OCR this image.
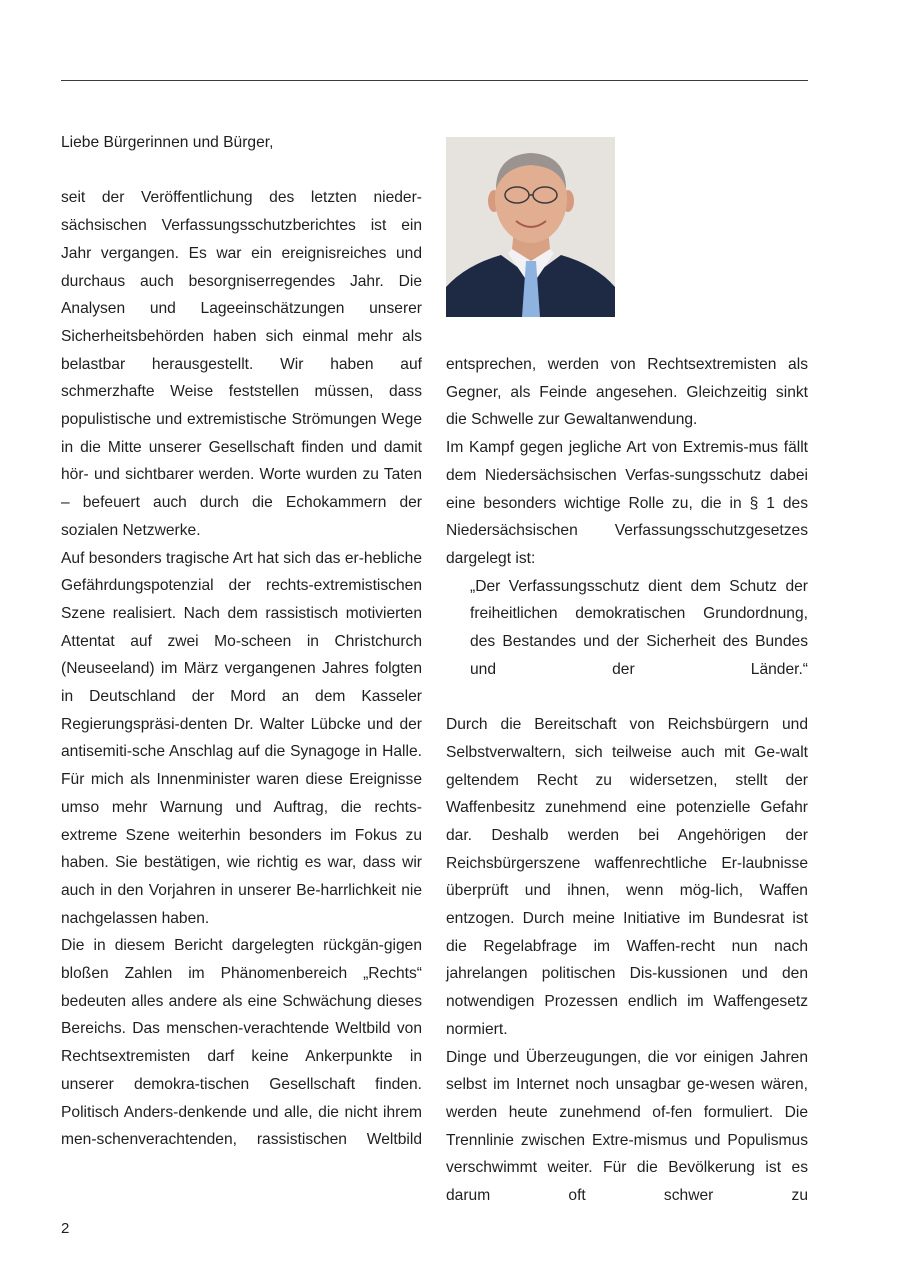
Liebe Bürgerinnen und Bürger,

seit der Veröffentlichung des letzten nieder-sächsischen Verfassungsschutzberichtes ist ein Jahr vergangen. Es war ein ereignisreiches und durchaus auch besorgniserregendes Jahr. Die Analysen und Lageeinschätzungen unserer Sicherheitsbehörden haben sich einmal mehr als belastbar herausgestellt. Wir haben auf schmerzhafte Weise feststellen müssen, dass populistische und extremistische Strömungen Wege in die Mitte unserer Gesellschaft finden und damit hör- und sichtbarer werden. Worte wurden zu Taten – befeuert auch durch die Echokammern der sozialen Netzwerke.

Auf besonders tragische Art hat sich das er-hebliche Gefährdungspotenzial der rechts-extremistischen Szene realisiert. Nach dem rassistisch motivierten Attentat auf zwei Mo-scheen in Christchurch (Neuseeland) im März vergangenen Jahres folgten in Deutschland der Mord an dem Kasseler Regierungspräsi-denten Dr. Walter Lübcke und der antisemiti-sche Anschlag auf die Synagoge in Halle. Für mich als Innenminister waren diese Ereignisse umso mehr Warnung und Auftrag, die rechts-extreme Szene weiterhin besonders im Fokus zu haben. Sie bestätigen, wie richtig es war, dass wir auch in den Vorjahren in unserer Be-harrlichkeit nie nachgelassen haben.

Die in diesem Bericht dargelegten rückgän-gigen bloßen Zahlen im Phänomenbereich „Rechts“ bedeuten alles andere als eine Schwächung dieses Bereichs. Das menschen-verachtende Weltbild von Rechtsextremisten darf keine Ankerpunkte in unserer demokra-tischen Gesellschaft finden. Politisch Anders-denkende und alle, die nicht ihrem men-schenverachtenden, rassistischen Weltbild

entsprechen, werden von Rechtsextremisten als Gegner, als Feinde angesehen. Gleichzeitig sinkt die Schwelle zur Gewaltanwendung.

Im Kampf gegen jegliche Art von Extremis-mus fällt dem Niedersächsischen Verfas-sungsschutz dabei eine besonders wichtige Rolle zu, die in § 1 des Niedersächsischen Verfassungsschutzgesetzes dargelegt ist:

„Der Verfassungsschutz dient dem Schutz der freiheitlichen demokratischen Grundordnung, des Bestandes und der Sicherheit des Bundes und der Länder.“

Durch die Bereitschaft von Reichsbürgern und Selbstverwaltern, sich teilweise auch mit Ge-walt geltendem Recht zu widersetzen, stellt der Waffenbesitz zunehmend eine potenzielle Gefahr dar. Deshalb werden bei Angehörigen der Reichsbürgerszene waffenrechtliche Er-laubnisse überprüft und ihnen, wenn mög-lich, Waffen entzogen. Durch meine Initiative im Bundesrat ist die Regelabfrage im Waffen-recht nun nach jahrelangen politischen Dis-kussionen und den notwendigen Prozessen endlich im Waffengesetz normiert.

Dinge und Überzeugungen, die vor einigen Jahren selbst im Internet noch unsagbar ge-wesen wären, werden heute zunehmend of-fen formuliert. Die Trennlinie zwischen Extre-mismus und Populismus verschwimmt weiter. Für die Bevölkerung ist es darum oft schwer zu

2
